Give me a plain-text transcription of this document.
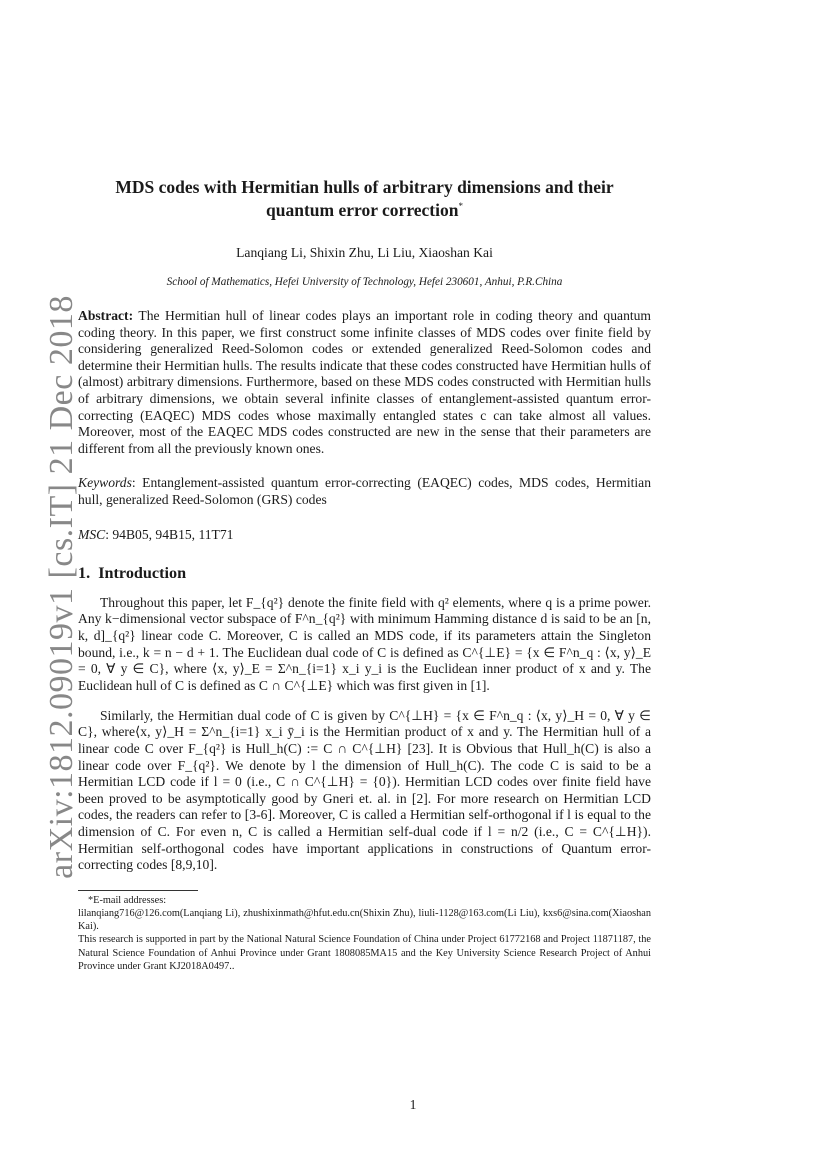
arXiv:1812.09019v1 [cs.IT] 21 Dec 2018
MDS codes with Hermitian hulls of arbitrary dimensions and their
quantum error correction*
Lanqiang Li, Shixin Zhu, Li Liu, Xiaoshan Kai
School of Mathematics, Hefei University of Technology, Hefei 230601, Anhui, P.R.China
Abstract: The Hermitian hull of linear codes plays an important role in coding theory and quantum coding theory. In this paper, we first construct some infinite classes of MDS codes over finite field by considering generalized Reed-Solomon codes or extended generalized Reed-Solomon codes and determine their Hermitian hulls. The results indicate that these codes constructed have Hermitian hulls of (almost) arbitrary dimensions. Furthermore, based on these MDS codes constructed with Hermitian hulls of arbitrary dimensions, we obtain several infinite classes of entanglement-assisted quantum error-correcting (EAQEC) MDS codes whose maximally entangled states c can take almost all values. Moreover, most of the EAQEC MDS codes constructed are new in the sense that their parameters are different from all the previously known ones.
Keywords: Entanglement-assisted quantum error-correcting (EAQEC) codes, MDS codes, Hermitian hull, generalized Reed-Solomon (GRS) codes
MSC: 94B05, 94B15, 11T71
1. Introduction

Throughout this paper, let F_{q²} denote the finite field with q² elements, where q is a prime power. Any k−dimensional vector subspace of F^n_{q²} with minimum Hamming distance d is said to be an [n, k, d]_{q²} linear code C. Moreover, C is called an MDS code, if its parameters attain the Singleton bound, i.e., k = n − d + 1. The Euclidean dual code of C is defined as C^{⊥E} = {x ∈ F^n_q : ⟨x, y⟩_E = 0, ∀ y ∈ C}, where ⟨x, y⟩_E = Σ^n_{i=1} x_i y_i is the Euclidean inner product of x and y. The Euclidean hull of C is defined as C ∩ C^{⊥E} which was first given in [1].

Similarly, the Hermitian dual code of C is given by C^{⊥H} = {x ∈ F^n_q : ⟨x, y⟩_H = 0, ∀ y ∈ C}, where⟨x, y⟩_H = Σ^n_{i=1} x_i ȳ_i is the Hermitian product of x and y. The Hermitian hull of a linear code C over F_{q²} is Hull_h(C) := C ∩ C^{⊥H} [23]. It is Obvious that Hull_h(C) is also a linear code over F_{q²}. We denote by l the dimension of Hull_h(C). The code C is said to be a Hermitian LCD code if l = 0 (i.e., C ∩ C^{⊥H} = {0}). Hermitian LCD codes over finite field have been proved to be asymptotically good by Gneri et. al. in [2]. For more research on Hermitian LCD codes, the readers can refer to [3-6]. Moreover, C is called a Hermitian self-orthogonal if l is equal to the dimension of C. For even n, C is called a Hermitian self-dual code if l = n/2 (i.e., C = C^{⊥H}). Hermitian self-orthogonal codes have important applications in constructions of Quantum error-correcting codes [8,9,10].

*E-mail addresses:
lilanqiang716@126.com(Lanqiang Li), zhushixinmath@hfut.edu.cn(Shixin Zhu), liuli-1128@163.com(Li Liu), kxs6@sina.com(Xiaoshan Kai).
This research is supported in part by the National Natural Science Foundation of China under Project 61772168 and Project 11871187, the Natural Science Foundation of Anhui Province under Grant 1808085MA15 and the Key University Science Research Project of Anhui Province under Grant KJ2018A0497..
1
